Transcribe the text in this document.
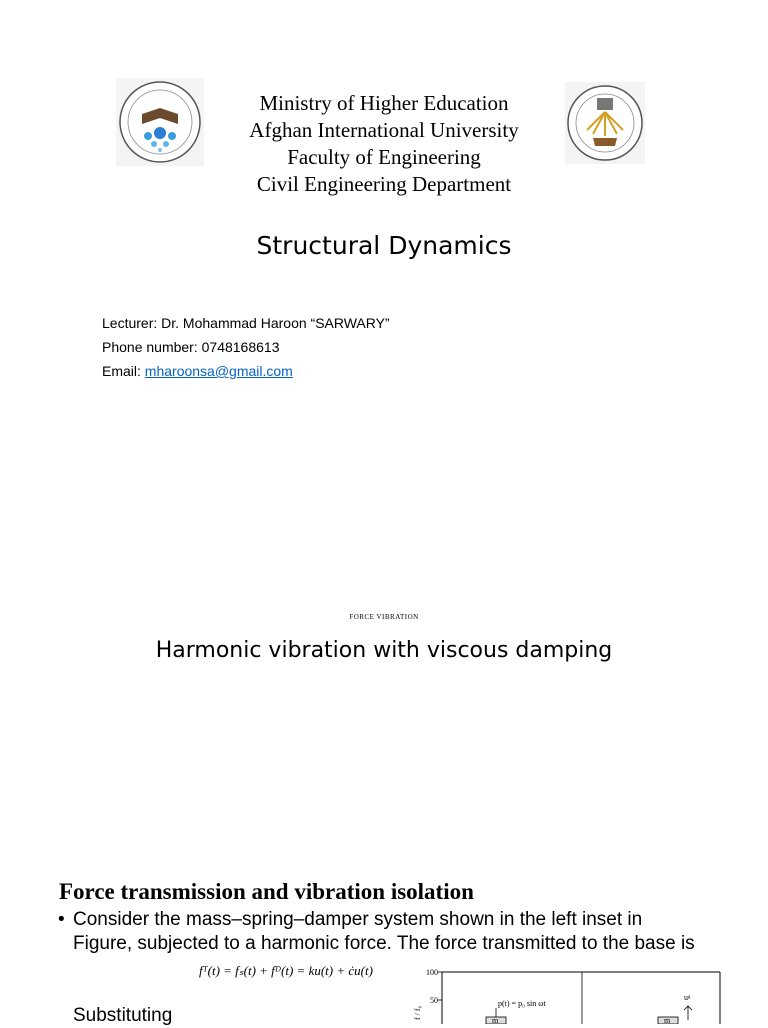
Ministry of Higher Education
Afghan International University
Faculty of Engineering
Civil Engineering Department
Structural Dynamics
Lecturer: Dr. Mohammad Haroon “SARWARY”
Phone number: 0748168613
Email: mharoonsa@gmail.com
FORCE VIBRATION
Harmonic vibration with viscous damping
Force transmission and vibration isolation
• Consider the mass–spring–damper system shown in the left inset in Figure, subjected to a harmonic force. The force transmitted to the base is
Substituting
fᵀ(t) = fₛ(t) + fᴰ(t) = ku(t) + ċu(t)	100
50
f / f₀
p(t) = p₀ sin ωt
m	m
uᵍ
